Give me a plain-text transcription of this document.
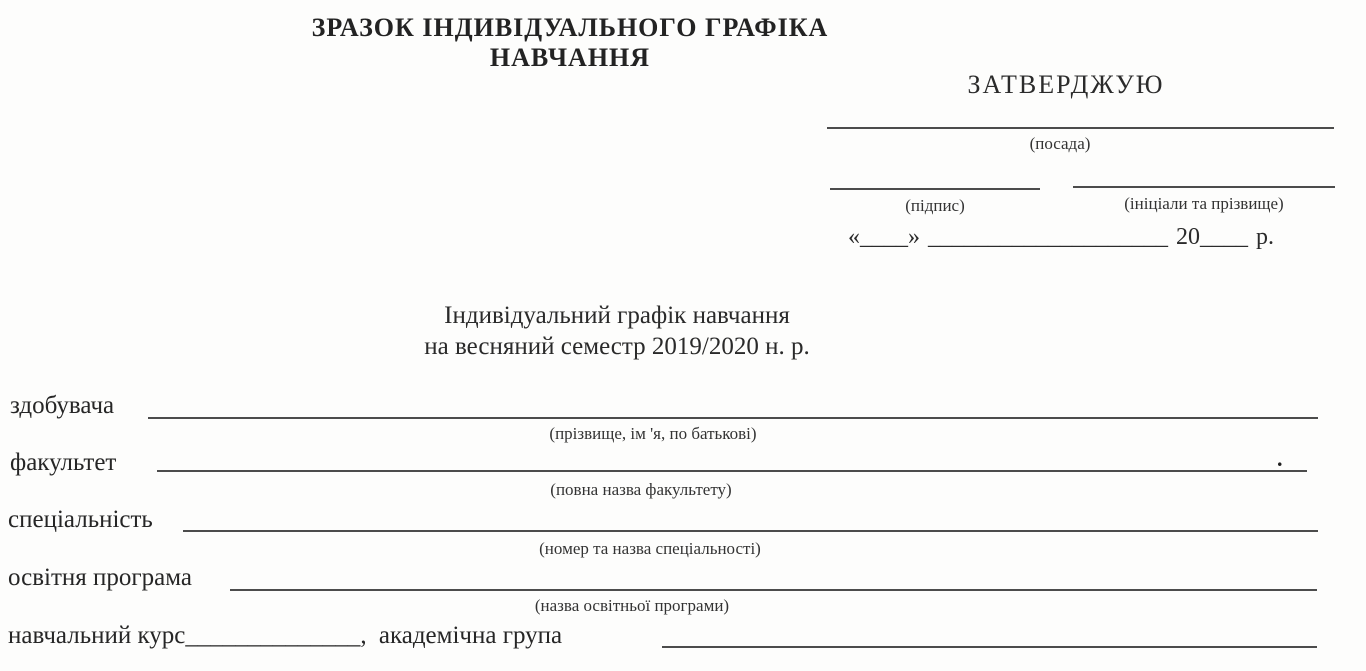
ЗРАЗОК ІНДИВІДУАЛЬНОГО ГРАФІКА НАВЧАННЯ
ЗАТВЕРДЖУЮ
(посада)
(підпис)	(ініціали та прізвище)
«____» ____________________ 20____ р.
Індивідуальний графік навчання
на весняний семестр 2019/2020 н. р.
здобувача
(прізвище, ім 'я, по батькові)
факультет	.
(повна назва факультету)
спеціальність
(номер та назва спеціальності)
освітня програма
(назва освітньої програми)
навчальний курс______________, академічна група
